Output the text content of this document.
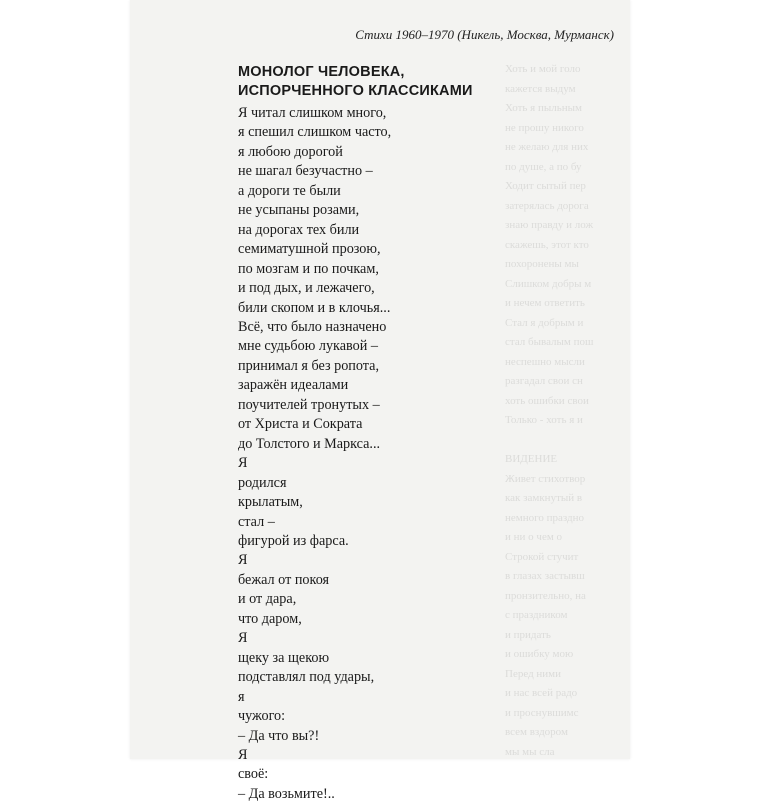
Хоть и мой голо
кажется выдум
Хоть я пыльным
не прошу никого
не желаю для них
по душе, а по бу
Ходит сытый пер
затерялась дорога
знаю правду и лож
скажешь, этот кто
похоронены мы
Слишком добры м
и нечем ответить
Стал я добрым и
стал бывалым пош
неспешно мысли
разгадал свои сн
хоть ошибки свои
Только - хоть я и

ВИДЕНИЕ
Живет стихотвор
как замкнутый в
немного праздно
и ни о чем о
Строкой стучит
в глазах застывш
пронзительно, на
с праздником
и придать
и ошибку мою
Перед ними
и нас всей радо
и проснувшимс
всем вздором
мы мы сла
Стихи 1960–1970 (Никель, Москва, Мурманск)
МОНОЛОГ ЧЕЛОВЕКА,
ИСПОРЧЕННОГО КЛАССИКАМИ
Я читал слишком много,
я спешил слишком часто,
я любою дорогой
не шагал безучастно –
а дороги те были
не усыпаны розами,
на дорогах тех били
семиматушной прозою,
по мозгам и по почкам,
и под дых, и лежачего,
били скопом и в клочья...
Всё, что было назначено
мне судьбою лукавой –
принимал я без ропота,
заражён идеалами
поучителей тронутых –
от Христа и Сократа
до Толстого и Маркса...
Я
родился
крылатым,
стал –
фигурой из фарса.
Я
бежал от покоя
и от дара,
что даром,
Я
щеку за щекою
подставлял под удары,
я
чужого:
– Да что вы?!
Я
своё:
– Да возьмите!..
